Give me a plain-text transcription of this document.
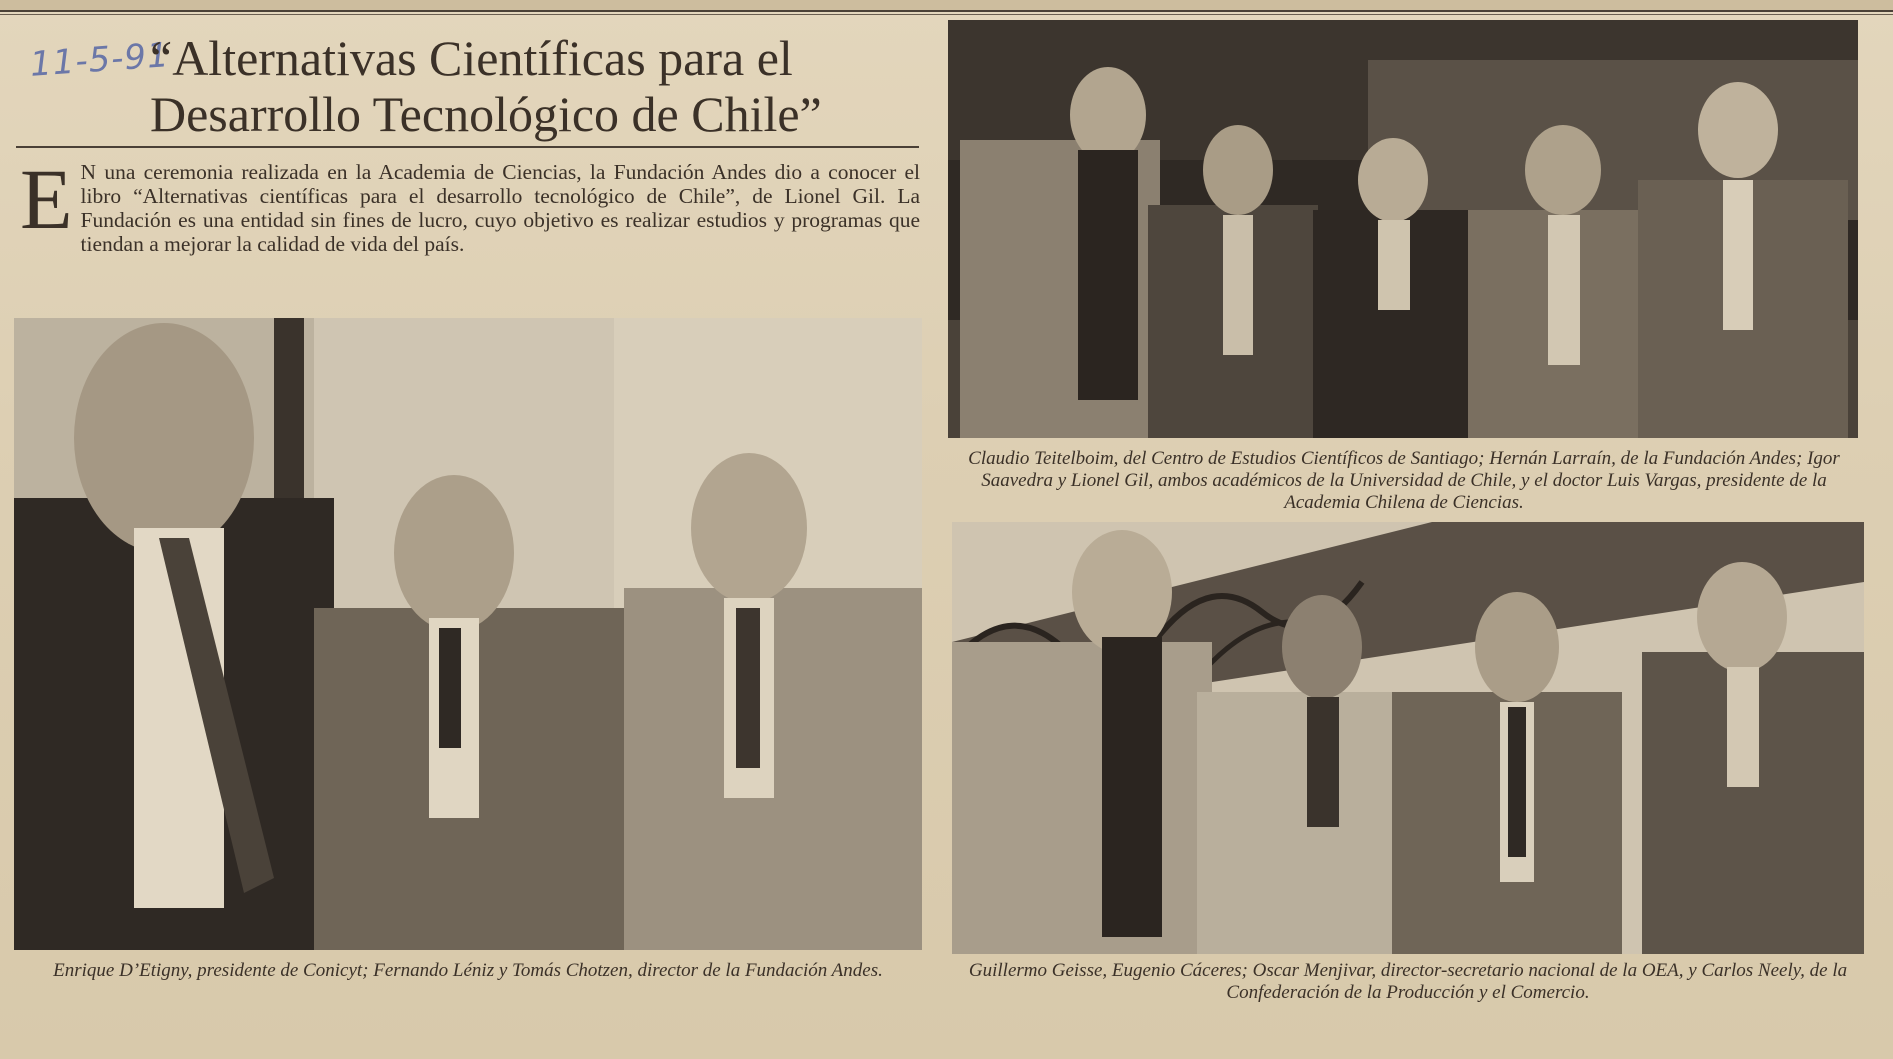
11-5-91
“Alternativas Científicas para el
Desarrollo Tecnológico de Chile”
E N una ceremonia realizada en la Academia de Ciencias, la Fundación Andes dio a conocer el libro “Alternativas científicas para el desarrollo tecnológico de Chile”, de Lionel Gil. La Fundación es una entidad sin fines de lucro, cuyo objetivo es realizar estudios y programas que tiendan a mejorar la calidad de vida del país.
Claudio Teitelboim, del Centro de Estudios Científicos de Santiago; Hernán Larraín, de la Fundación Andes; Igor Saavedra y Lionel Gil, ambos académicos de la Universidad de Chile, y el doctor Luis Vargas, presidente de la Academia Chilena de Ciencias.
Enrique D’Etigny, presidente de Conicyt; Fernando Léniz y Tomás Chotzen, director de la Fundación Andes.	Guillermo Geisse, Eugenio Cáceres; Oscar Menjivar, director-secretario nacional de la OEA, y Carlos Neely, de la Confederación de la Producción y el Comercio.
